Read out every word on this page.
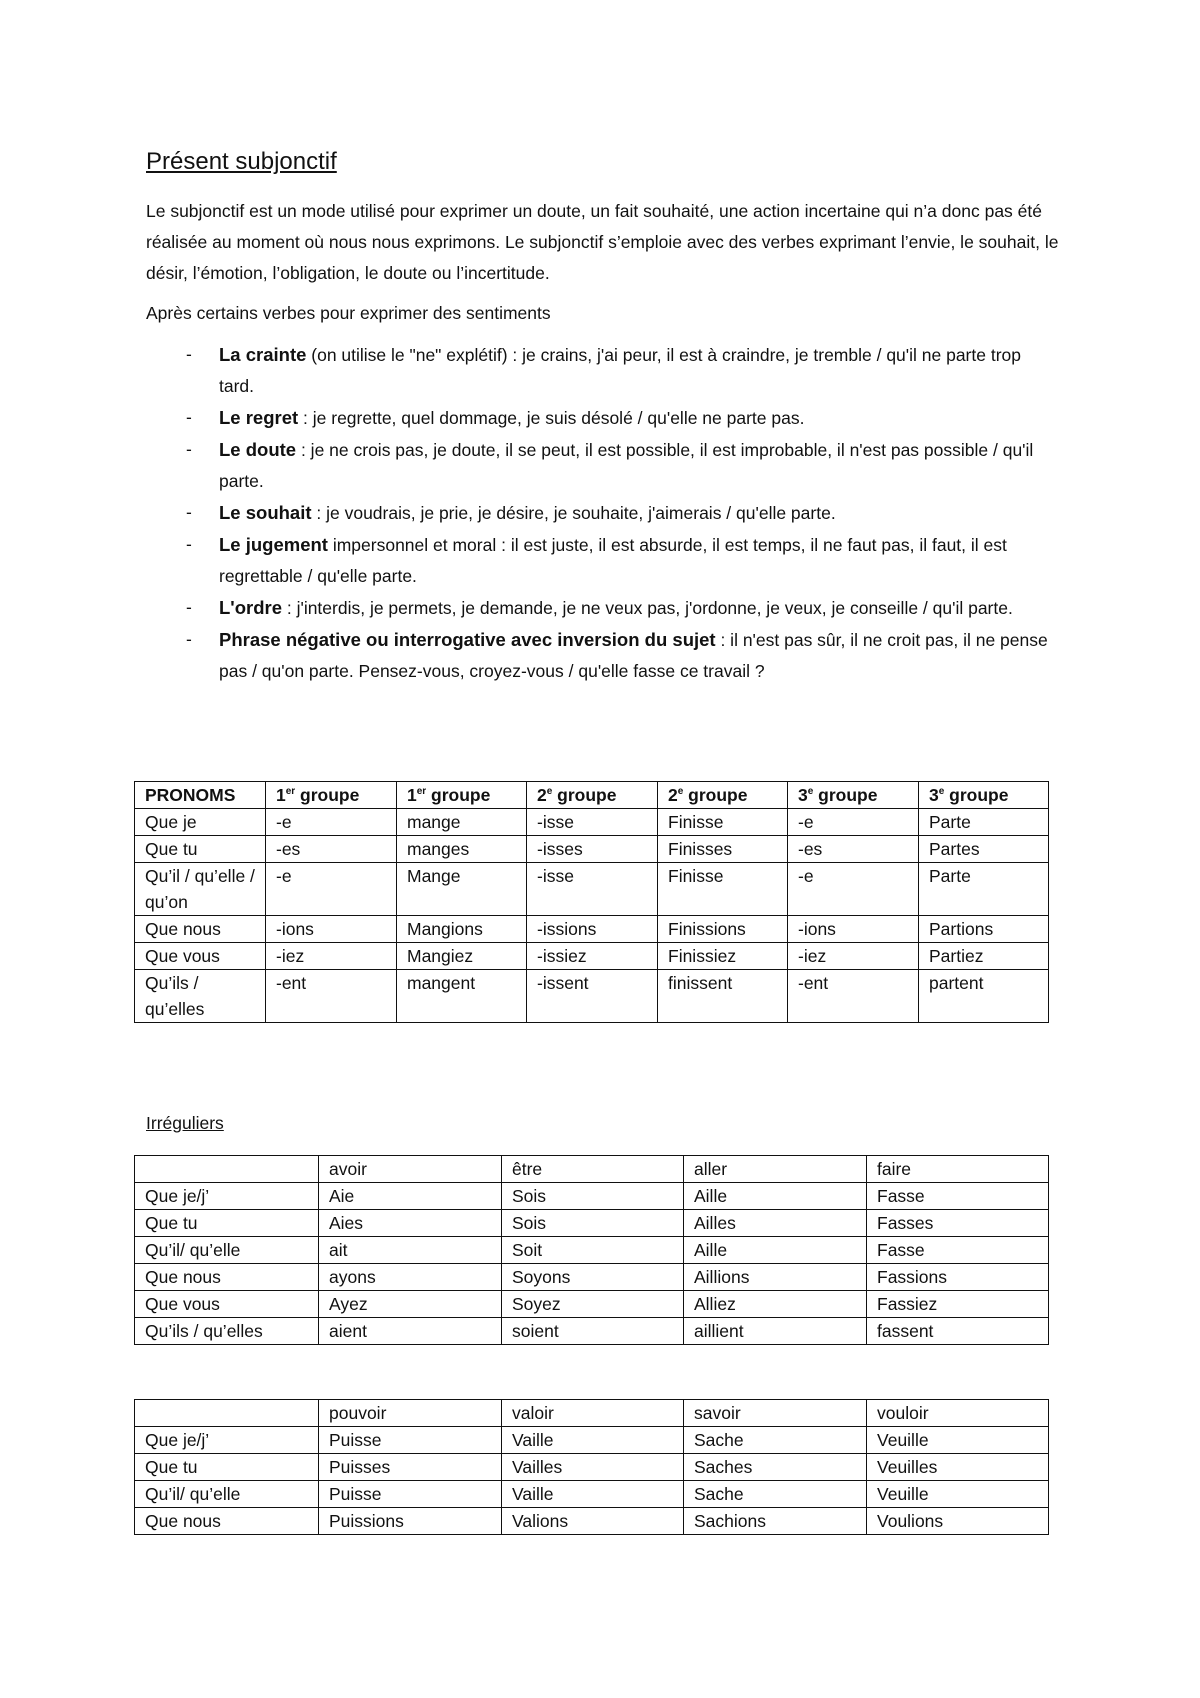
Présent subjonctif

Le subjonctif est un mode utilisé pour exprimer un doute, un fait souhaité, une action incertaine qui n’a donc pas été réalisée au moment où nous nous exprimons. Le subjonctif s’emploie avec des verbes exprimant l’envie, le souhait, le désir, l’émotion, l’obligation, le doute ou l’incertitude.

Après certains verbes pour exprimer des sentiments

- La crainte (on utilise le "ne" explétif) : je crains, j'ai peur, il est à craindre, je tremble / qu'il ne parte trop tard.
- Le regret : je regrette, quel dommage, je suis désolé / qu'elle ne parte pas.
- Le doute : je ne crois pas, je doute, il se peut, il est possible, il est improbable, il n'est pas possible / qu'il parte.
- Le souhait : je voudrais, je prie, je désire, je souhaite, j'aimerais / qu'elle parte.
- Le jugement impersonnel et moral : il est juste, il est absurde, il est temps, il ne faut pas, il faut, il est regrettable / qu'elle parte.
- L'ordre : j'interdis, je permets, je demande, je ne veux pas, j'ordonne, je veux, je conseille / qu'il parte.
- Phrase négative ou interrogative avec inversion du sujet : il n'est pas sûr, il ne croit pas, il ne pense pas / qu'on parte. Pensez-vous, croyez-vous / qu'elle fasse ce travail ?
PRONOMS	1er groupe	1er groupe	2e groupe	2e groupe	3e groupe	3e groupe
Que je	-e	mange	-isse	Finisse	-e	Parte
Que tu	-es	manges	-isses	Finisses	-es	Partes
Qu’il / qu’elle / qu’on	-e	Mange	-isse	Finisse	-e	Parte
Que nous	-ions	Mangions	-issions	Finissions	-ions	Partions
Que vous	-iez	Mangiez	-issiez	Finissiez	-iez	Partiez
Qu’ils / qu’elles	-ent	mangent	-issent	finissent	-ent	partent
Irréguliers
	avoir	être	aller	faire
Que je/j’	Aie	Sois	Aille	Fasse
Que tu	Aies	Sois	Ailles	Fasses
Qu’il/ qu’elle	ait	Soit	Aille	Fasse
Que nous	ayons	Soyons	Aillions	Fassions
Que vous	Ayez	Soyez	Alliez	Fassiez
Qu’ils / qu’elles	aient	soient	aillient	fassent
	pouvoir	valoir	savoir	vouloir
Que je/j’	Puisse	Vaille	Sache	Veuille
Que tu	Puisses	Vailles	Saches	Veuilles
Qu’il/ qu’elle	Puisse	Vaille	Sache	Veuille
Que nous	Puissions	Valions	Sachions	Voulions
